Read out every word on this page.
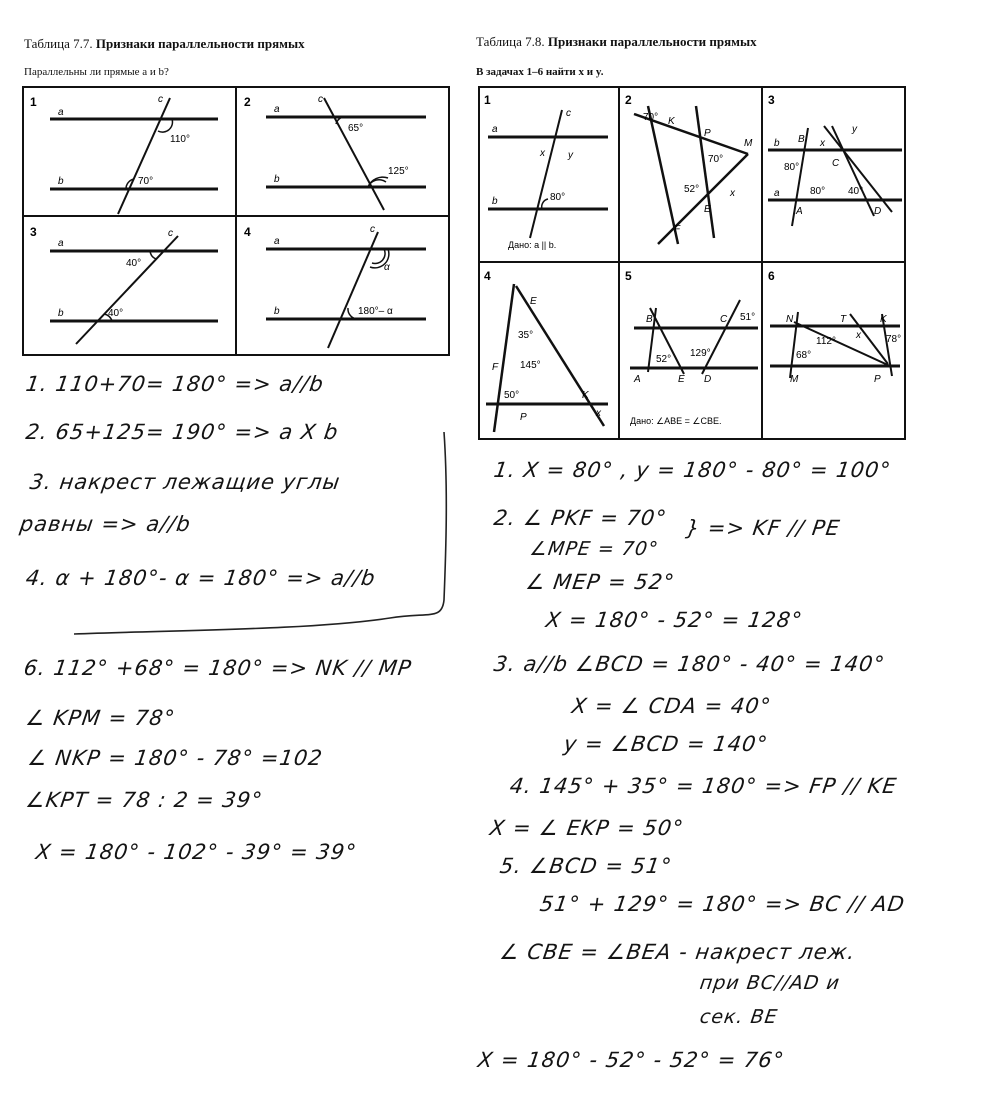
Таблица 7.7. Признаки параллельности прямых
Параллельны ли прямые a и b?
1
a
b
c
110°
70°
2
a
b
c
65°
125°
3
a
b
c
40°
40°
4
a
b
c
α
180°– α
Таблица 7.8. Признаки параллельности прямых
В задачах 1–6 найти x и y.
1
a
b
c
x y
80°
Дано: a || b.
2
70° K
P
M
70°
52°
E
x
F
3
b B x
y
80°	C
a	80° 40°
A	D
4
E
35°
F 145°
50°
P
K
x
5
B	C 51°
52°
129°
A	E D
Дано: ∠ABE = ∠CBE.
6
N	T	K
112°
x	78°
68°
M	P
1. 110+70= 180° => a//b
2. 65+125= 190° => a X b
3. накрест лежащие углы
равны => a//b
4. α + 180°- α = 180° => a//b
6. 112° +68° = 180° => NK // MP
∠ KPM = 78°
∠ NKP = 180° - 78° =102
∠KPT = 78 : 2 = 39°
X = 180° - 102° - 39° = 39°
1. X = 80° , y = 180° - 80° = 100°
2. ∠ PKF = 70°
∠MPE = 70°
} => KF // PE
∠ MEP = 52°
X = 180° - 52° = 128°
3. a//b ∠BCD = 180° - 40° = 140°
X = ∠ CDA = 40°
y = ∠BCD = 140°
4. 145° + 35° = 180° => FP // KE
X = ∠ EKP = 50°
5. ∠BCD = 51°
51° + 129° = 180° => BC // AD
∠ CBE = ∠BEA - накрест леж.
при BC//AD и
сек. BE
X = 180° - 52° - 52° = 76°
